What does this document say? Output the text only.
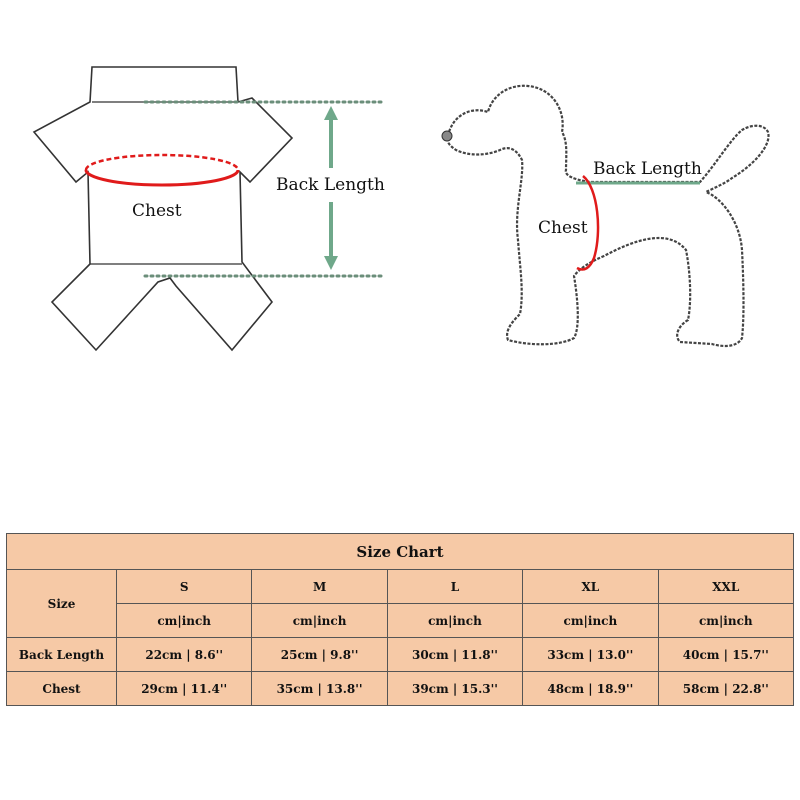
Chest
Back Length
Back Length
Chest
Size Chart					
Size	S	M	L	XL	XXL
	cm|inch	cm|inch	cm|inch	cm|inch	cm|inch
Back Length	22cm | 8.6''	25cm | 9.8''	30cm | 11.8''	33cm | 13.0''	40cm | 15.7''
Chest	29cm | 11.4''	35cm | 13.8''	39cm | 15.3''	48cm | 18.9''	58cm | 22.8''
